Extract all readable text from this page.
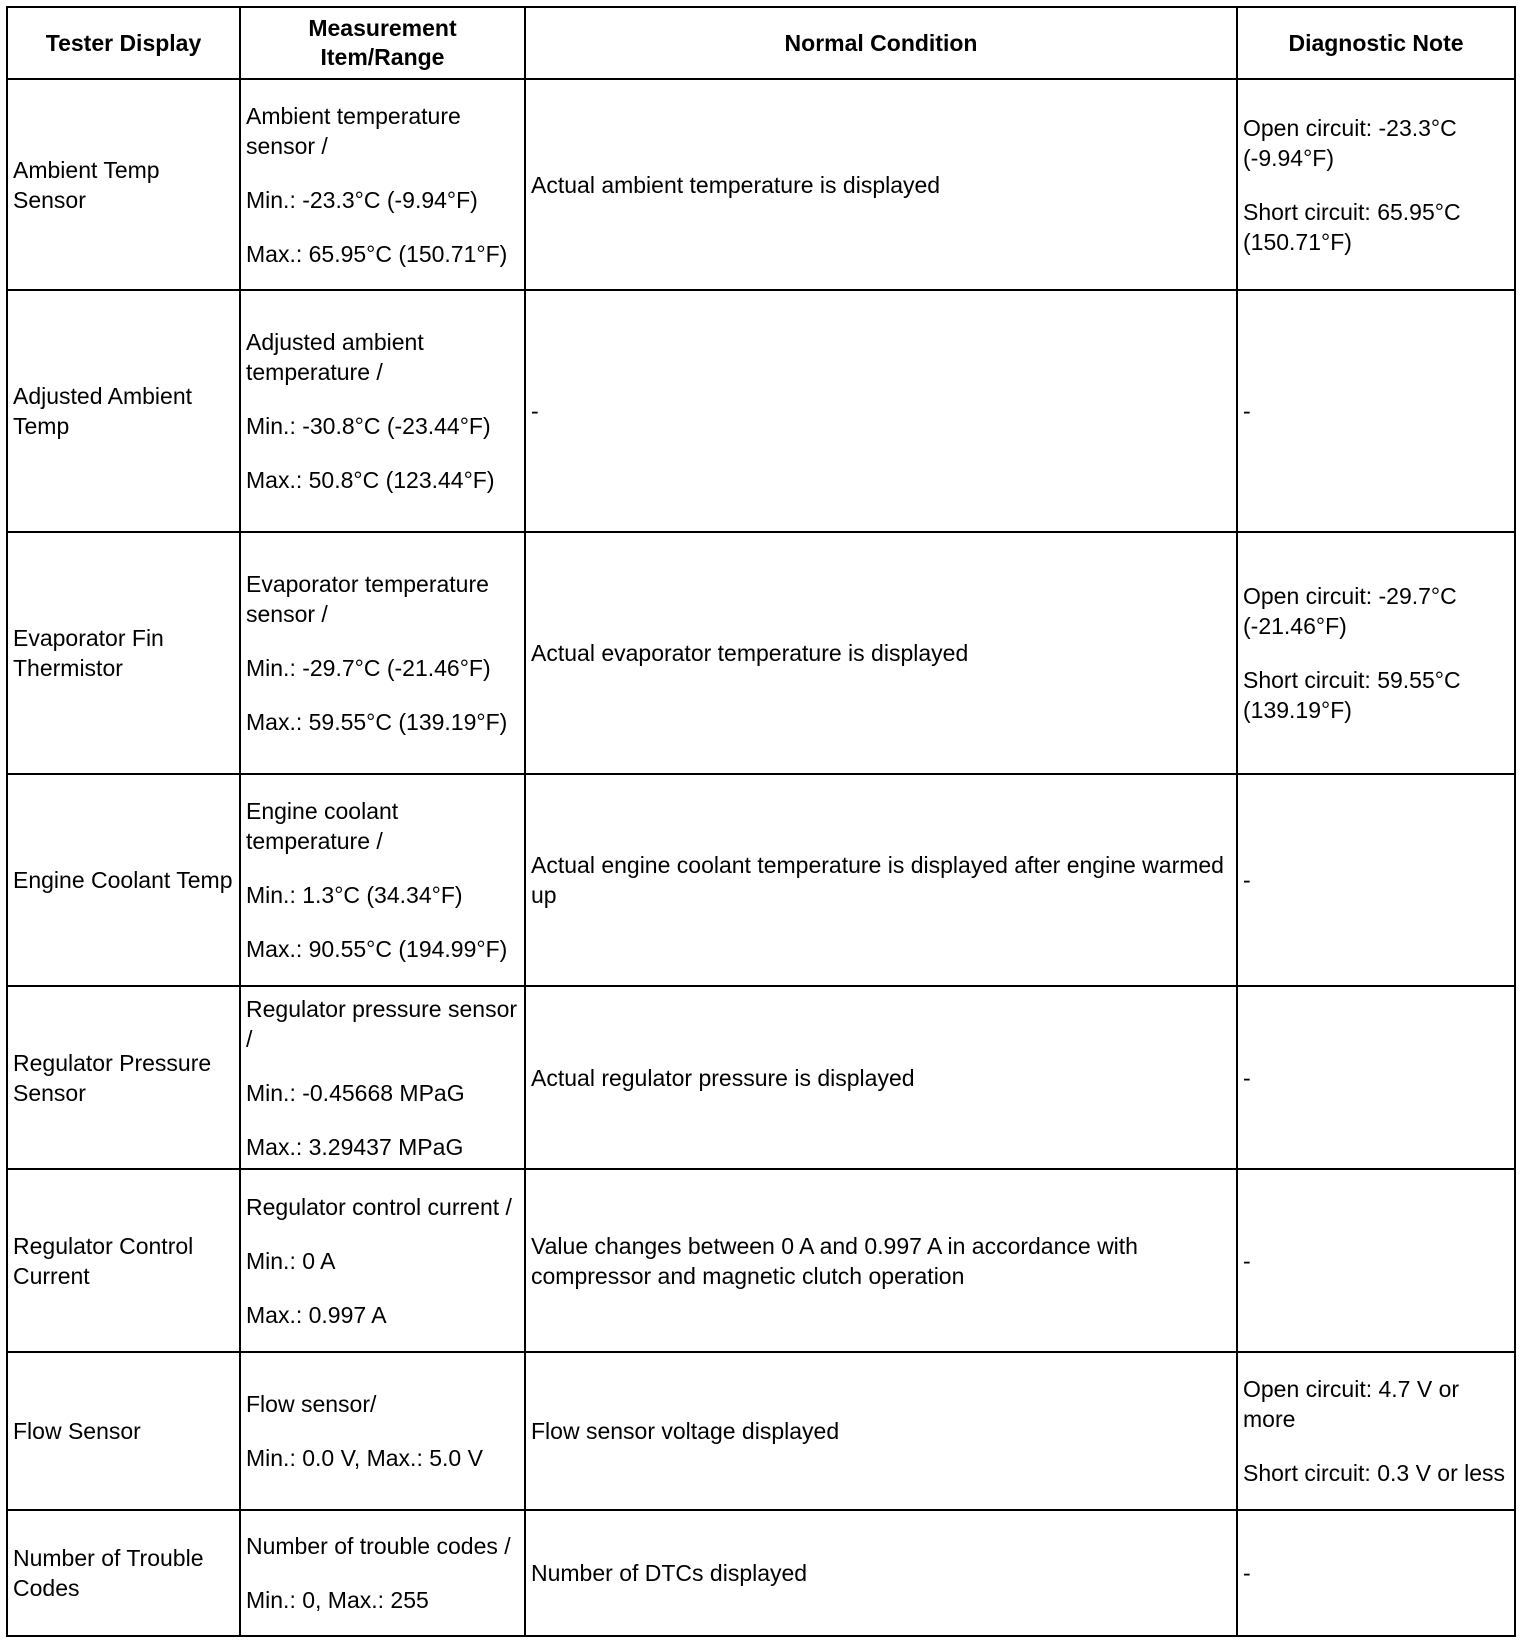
Tester Display	Measurement
Item/Range	Normal Condition	Diagnostic Note
Ambient Temp Sensor	Ambient temperature sensor /
Min.: -23.3°C (-9.94°F)
Max.: 65.95°C (150.71°F)	Actual ambient temperature is displayed	Open circuit: -23.3°C (-9.94°F)
Short circuit: 65.95°C (150.71°F)

Adjusted Ambient Temp	Adjusted ambient temperature /
Min.: -30.8°C (-23.44°F)
Max.: 50.8°C (123.44°F)	-	-

Evaporator Fin Thermistor	Evaporator temperature sensor /
Min.: -29.7°C (-21.46°F)
Max.: 59.55°C (139.19°F)	Actual evaporator temperature is displayed	Open circuit: -29.7°C (-21.46°F)
Short circuit: 59.55°C (139.19°F)

Engine Coolant Temp	Engine coolant temperature /
Min.: 1.3°C (34.34°F)
Max.: 90.55°C (194.99°F)	Actual engine coolant temperature is displayed after engine warmed up	-

Regulator Pressure Sensor	Regulator pressure sensor /
Min.: -0.45668 MPaG
Max.: 3.29437 MPaG	Actual regulator pressure is displayed	-

Regulator Control Current	Regulator control current /
Min.: 0 A
Max.: 0.997 A	Value changes between 0 A and 0.997 A in accordance with compressor and magnetic clutch operation	-

Flow Sensor	Flow sensor/
Min.: 0.0 V, Max.: 5.0 V	Flow sensor voltage displayed	Open circuit: 4.7 V or more
Short circuit: 0.3 V or less

Number of Trouble Codes	Number of trouble codes /
Min.: 0, Max.: 255	Number of DTCs displayed	-
